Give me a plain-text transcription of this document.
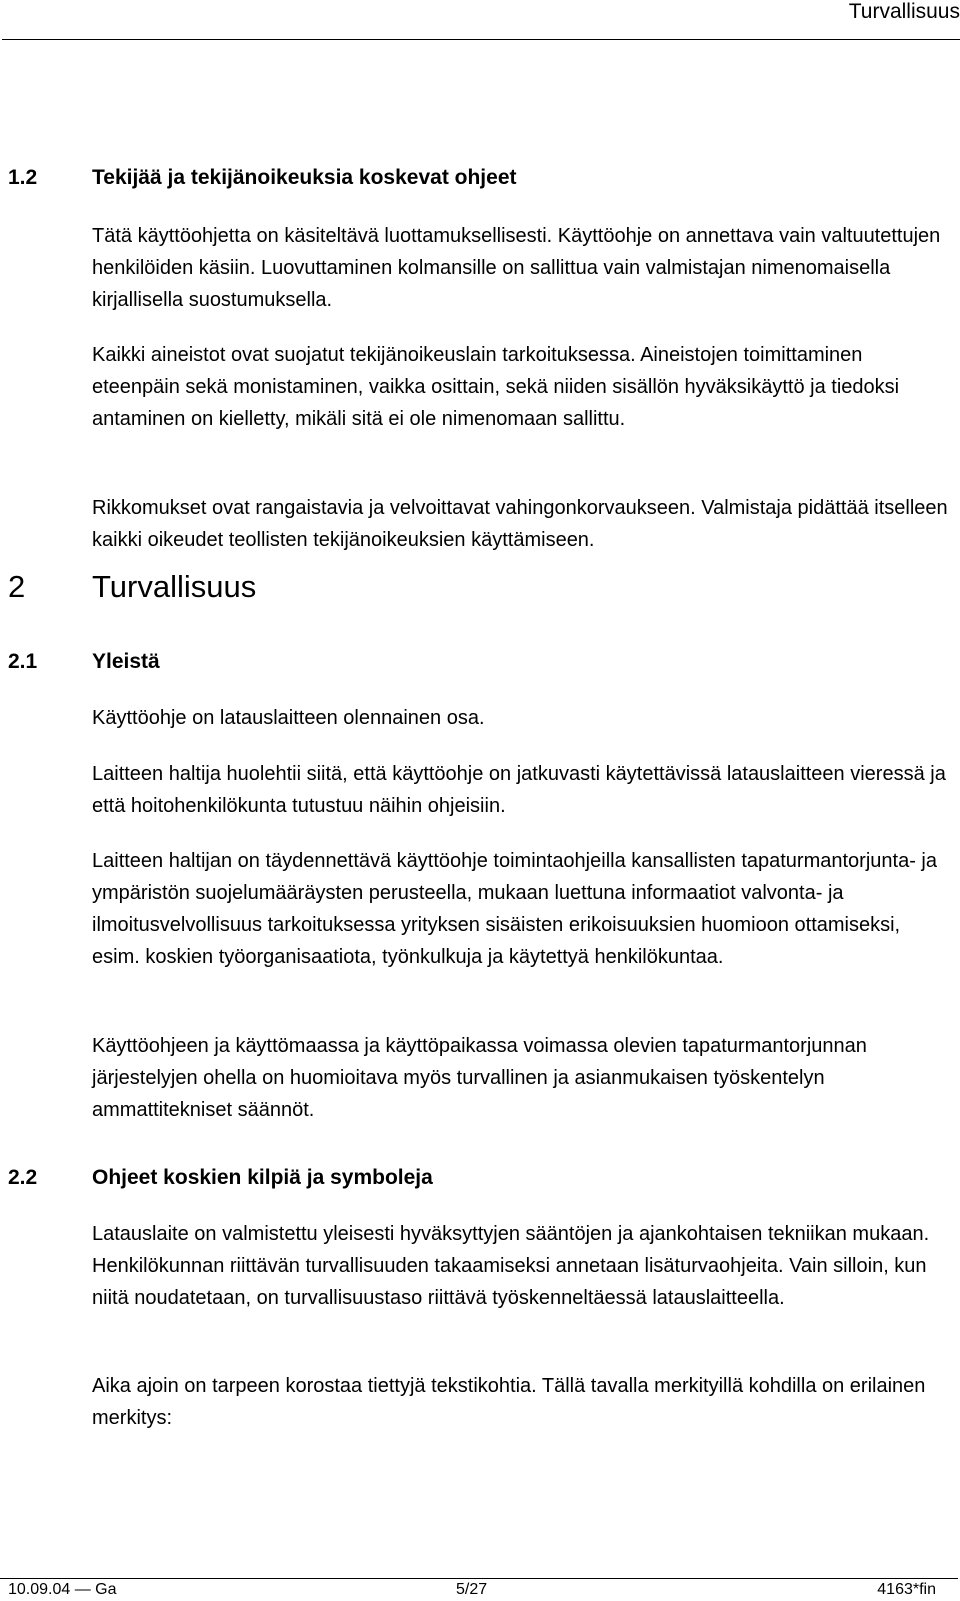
Turvallisuus
1.2	Tekijää ja tekijänoikeuksia koskevat ohjeet

Tätä käyttöohjetta on käsiteltävä luottamuksellisesti. Käyttöohje on annettava vain valtuutettujen henkilöiden käsiin. Luovuttaminen kolmansille on sallittua vain valmistajan nimenomaisella kirjallisella suostumuksella.

Kaikki aineistot ovat suojatut tekijänoikeuslain tarkoituksessa. Aineistojen toimittaminen eteenpäin sekä monistaminen, vaikka osittain, sekä niiden sisällön hyväksikäyttö ja tiedoksi antaminen on kielletty, mikäli sitä ei ole nimenomaan sallittu.

Rikkomukset ovat rangaistavia ja velvoittavat vahingonkorvaukseen. Valmistaja pidättää itselleen kaikki oikeudet teollisten tekijänoikeuksien käyttämiseen.

2 Turvallisuus
2.1	Yleistä

Käyttöohje on latauslaitteen olennainen osa.

Laitteen haltija huolehtii siitä, että käyttöohje on jatkuvasti käytettävissä latauslaitteen vieressä ja että hoitohenkilökunta tutustuu näihin ohjeisiin.

Laitteen haltijan on täydennettävä käyttöohje toimintaohjeilla kansallisten tapaturmantorjunta- ja ympäristön suojelumääräysten perusteella, mukaan luettuna informaatiot valvonta- ja ilmoitusvelvollisuus tarkoituksessa yrityksen sisäisten erikoisuuksien huomioon ottamiseksi, esim. koskien työorganisaatiota, työnkulkuja ja käytettyä henkilökuntaa.

Käyttöohjeen ja käyttömaassa ja käyttöpaikassa voimassa olevien tapaturmantorjunnan järjestelyjen ohella on huomioitava myös turvallinen ja asianmukaisen työskentelyn ammattitekniset säännöt.

2.2	Ohjeet koskien kilpiä ja symboleja

Latauslaite on valmistettu yleisesti hyväksyttyjen sääntöjen ja ajankohtaisen tekniikan mukaan. Henkilökunnan riittävän turvallisuuden takaamiseksi annetaan lisäturvaohjeita. Vain silloin, kun niitä noudatetaan, on turvallisuustaso riittävä työskenneltäessä latauslaitteella.

Aika ajoin on tarpeen korostaa tiettyjä tekstikohtia. Tällä tavalla merkityillä kohdilla on erilainen merkitys:

10.09.04 — Ga	5/27	4163*fin
